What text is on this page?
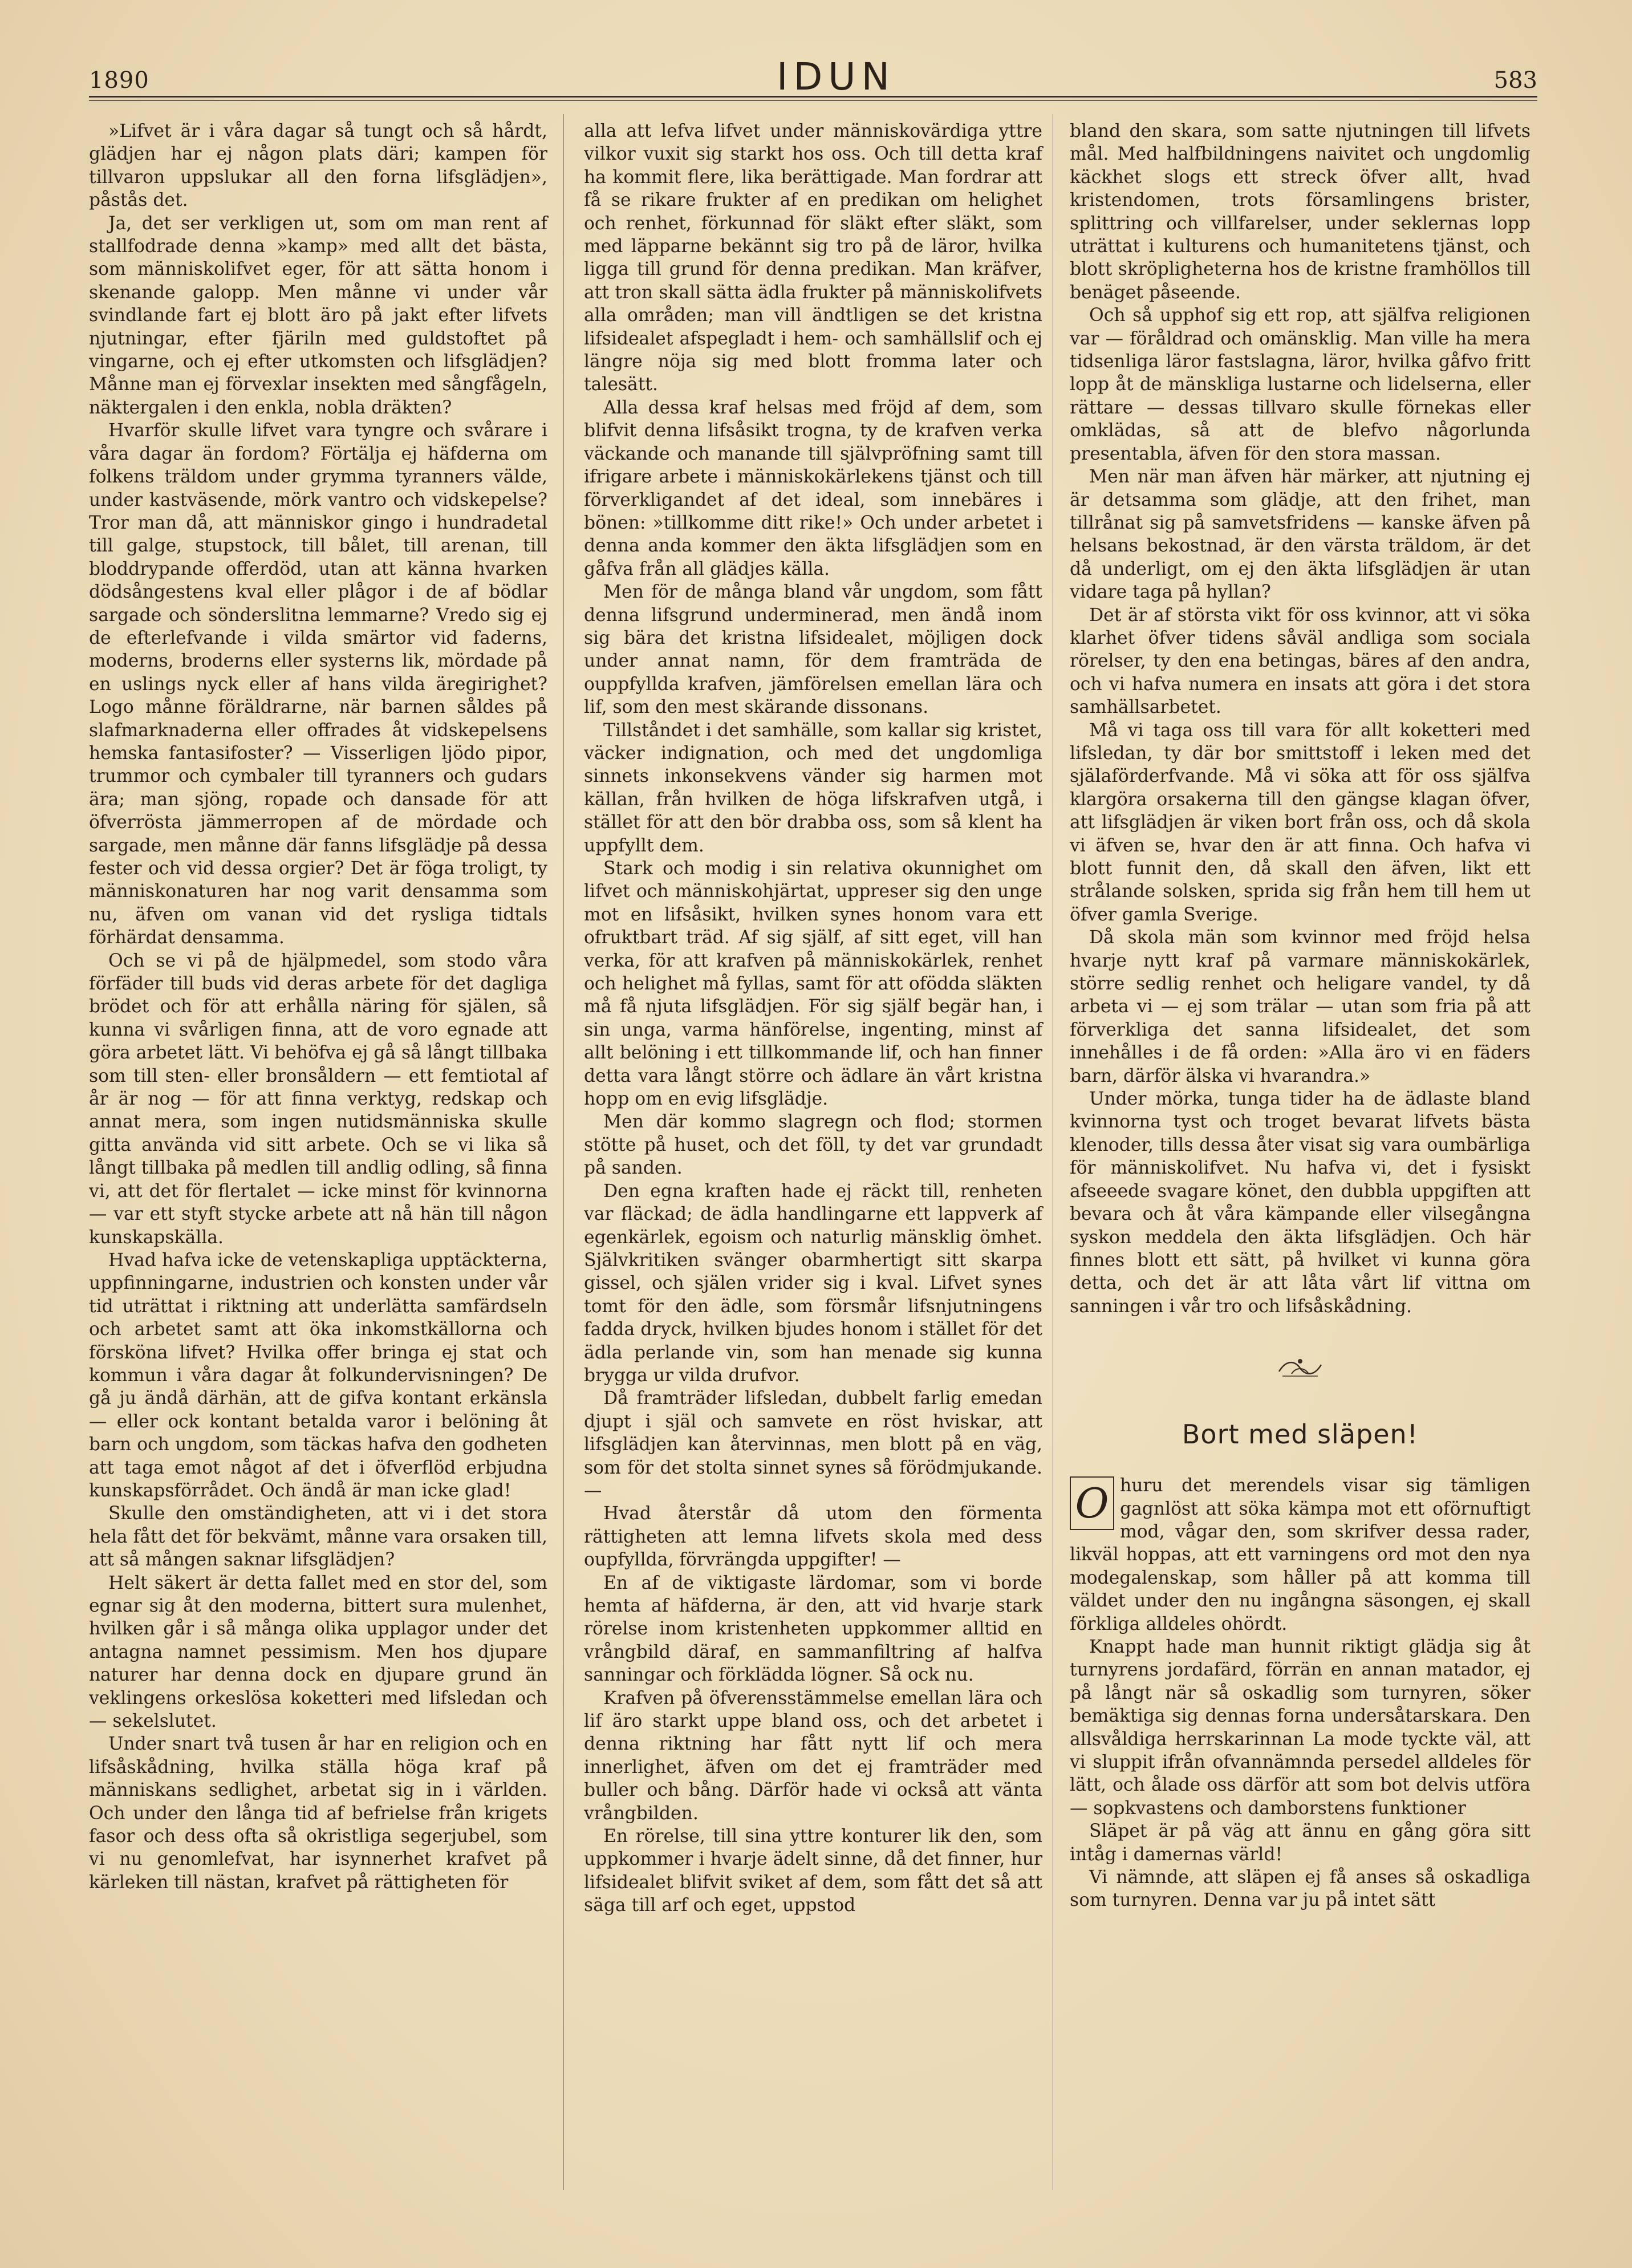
1890	IDUN	583

»Lifvet är i våra dagar så tungt och så hårdt, glädjen har ej någon plats däri; kampen för tillvaron uppslukar all den forna lifsglädjen», påstås det.

Ja, det ser verkligen ut, som om man rent af stallfodrade denna »kamp» med allt det bästa, som människolifvet eger, för att sätta honom i skenande galopp. Men månne vi under vår svindlande fart ej blott äro på jakt efter lifvets njutningar, efter fjäriln med guldstoftet på vingarne, och ej efter utkomsten och lifsglädjen? Månne man ej förvexlar insekten med sångfågeln, näktergalen i den enkla, nobla dräkten?

Hvarför skulle lifvet vara tyngre och svårare i våra dagar än fordom? Förtälja ej häfderna om folkens träldom under grymma tyranners välde, under kastväsende, mörk vantro och vidskepelse? Tror man då, att människor gingo i hundradetal till galge, stupstock, till bålet, till arenan, till bloddrypande offerdöd, utan att känna hvarken dödsångestens kval eller plågor i de af bödlar sargade och sönderslitna lemmarne? Vredo sig ej de efterlefvande i vilda smärtor vid faderns, moderns, broderns eller systerns lik, mördade på en uslings nyck eller af hans vilda äregirighet? Logo månne föräldrarne, när barnen såldes på slafmarknaderna eller offrades åt vidskepelsens hemska fantasifoster? — Visserligen ljödo pipor, trummor och cymbaler till tyranners och gudars ära; man sjöng, ropade och dansade för att öfverrösta jämmerropen af de mördade och sargade, men månne där fanns lifsglädje på dessa fester och vid dessa orgier? Det är föga troligt, ty människonaturen har nog varit densamma som nu, äfven om vanan vid det rysliga tidtals förhärdat densamma.

Och se vi på de hjälpmedel, som stodo våra förfäder till buds vid deras arbete för det dagliga brödet och för att erhålla näring för själen, så kunna vi svårligen finna, att de voro egnade att göra arbetet lätt. Vi behöfva ej gå så långt tillbaka som till sten- eller bronsåldern — ett femtiotal af år är nog — för att finna verktyg, redskap och annat mera, som ingen nutidsmänniska skulle gitta använda vid sitt arbete. Och se vi lika så långt tillbaka på medlen till andlig odling, så finna vi, att det för flertalet — icke minst för kvinnorna — var ett styft stycke arbete att nå hän till någon kunskapskälla.

Hvad hafva icke de vetenskapliga upptäckterna, uppfinningarne, industrien och konsten under vår tid uträttat i riktning att underlätta samfärdseln och arbetet samt att öka inkomstkällorna och försköna lifvet? Hvilka offer bringa ej stat och kommun i våra dagar åt folkundervisningen? De gå ju ändå därhän, att de gifva kontant erkänsla — eller ock kontant betalda varor i belöning åt barn och ungdom, som täckas hafva den godheten att taga emot något af det i öfverflöd erbjudna kunskapsförrådet. Och ändå är man icke glad!

Skulle den omständigheten, att vi i det stora hela fått det för bekvämt, månne vara orsaken till, att så mången saknar lifsglädjen?

Helt säkert är detta fallet med en stor del, som egnar sig åt den moderna, bittert sura mulenhet, hvilken går i så många olika upplagor under det antagna namnet pessimism. Men hos djupare naturer har denna dock en djupare grund än veklingens orkeslösa koketteri med lifsledan och — sekelslutet.

Under snart två tusen år har en religion och en lifsåskådning, hvilka ställa höga kraf på människans sedlighet, arbetat sig in i världen. Och under den långa tid af befrielse från krigets fasor och dess ofta så okristliga segerjubel, som vi nu genomlefvat, har isynnerhet krafvet på kärleken till nästan, krafvet på rättigheten för

alla att lefva lifvet under människovärdiga yttre vilkor vuxit sig starkt hos oss. Och till detta kraf ha kommit flere, lika berättigade. Man fordrar att få se rikare frukter af en predikan om helighet och renhet, förkunnad för släkt efter släkt, som med läpparne bekännt sig tro på de läror, hvilka ligga till grund för denna predikan. Man kräfver, att tron skall sätta ädla frukter på människolifvets alla områden; man vill ändtligen se det kristna lifsidealet afspegladt i hem- och samhällslif och ej längre nöja sig med blott fromma later och talesätt.

Alla dessa kraf helsas med fröjd af dem, som blifvit denna lifsåsikt trogna, ty de krafven verka väckande och manande till självpröfning samt till ifrigare arbete i människokärlekens tjänst och till förverkligandet af det ideal, som innebäres i bönen: »tillkomme ditt rike!» Och under arbetet i denna anda kommer den äkta lifsglädjen som en gåfva från all glädjes källa.

Men för de många bland vår ungdom, som fått denna lifsgrund underminerad, men ändå inom sig bära det kristna lifsidealet, möjligen dock under annat namn, för dem framträda de ouppfyllda krafven, jämförelsen emellan lära och lif, som den mest skärande dissonans.

Tillståndet i det samhälle, som kallar sig kristet, väcker indignation, och med det ungdomliga sinnets inkonsekvens vänder sig harmen mot källan, från hvilken de höga lifskrafven utgå, i stället för att den bör drabba oss, som så klent ha uppfyllt dem.

Stark och modig i sin relativa okunnighet om lifvet och människohjärtat, uppreser sig den unge mot en lifsåsikt, hvilken synes honom vara ett ofruktbart träd. Af sig själf, af sitt eget, vill han verka, för att krafven på människokärlek, renhet och helighet må fyllas, samt för att ofödda släkten må få njuta lifsglädjen. För sig själf begär han, i sin unga, varma hänförelse, ingenting, minst af allt belöning i ett tillkommande lif, och han finner detta vara långt större och ädlare än vårt kristna hopp om en evig lifsglädje.

Men där kommo slagregn och flod; stormen stötte på huset, och det föll, ty det var grundadt på sanden.

Den egna kraften hade ej räckt till, renheten var fläckad; de ädla handlingarne ett lappverk af egenkärlek, egoism och naturlig mänsklig ömhet. Självkritiken svänger obarmhertigt sitt skarpa gissel, och själen vrider sig i kval. Lifvet synes tomt för den ädle, som försmår lifsnjutningens fadda dryck, hvilken bjudes honom i stället för det ädla perlande vin, som han menade sig kunna brygga ur vilda drufvor.

Då framträder lifsledan, dubbelt farlig emedan djupt i själ och samvete en röst hviskar, att lifsglädjen kan återvinnas, men blott på en väg, som för det stolta sinnet synes så förödmjukande. —

Hvad återstår då utom den förmenta rättigheten att lemna lifvets skola med dess oupfyllda, förvrängda uppgifter! —

En af de viktigaste lärdomar, som vi borde hemta af häfderna, är den, att vid hvarje stark rörelse inom kristenheten uppkommer alltid en vrångbild däraf, en sammanfiltring af halfva sanningar och förklädda lögner. Så ock nu.

Krafven på öfverensstämmelse emellan lära och lif äro starkt uppe bland oss, och det arbetet i denna riktning har fått nytt lif och mera innerlighet, äfven om det ej framträder med buller och bång. Därför hade vi också att vänta vrångbilden.

En rörelse, till sina yttre konturer lik den, som uppkommer i hvarje ädelt sinne, då det finner, hur lifsidealet blifvit sviket af dem, som fått det så att säga till arf och eget, uppstod

bland den skara, som satte njutningen till lifvets mål. Med halfbildningens naivitet och ungdomlig käckhet slogs ett streck öfver allt, hvad kristendomen, trots församlingens brister, splittring och villfarelser, under seklernas lopp uträttat i kulturens och humanitetens tjänst, och blott skröpligheterna hos de kristne framhöllos till benäget påseende.

Och så upphof sig ett rop, att själfva religionen var — föråldrad och omänsklig. Man ville ha mera tidsenliga läror fastslagna, läror, hvilka gåfvo fritt lopp åt de mänskliga lustarne och lidelserna, eller rättare — dessas tillvaro skulle förnekas eller omklädas, så att de blefvo någorlunda presentabla, äfven för den stora massan.

Men när man äfven här märker, att njutning ej är detsamma som glädje, att den frihet, man tillrånat sig på samvetsfridens — kanske äfven på helsans bekostnad, är den värsta träldom, är det då underligt, om ej den äkta lifsglädjen är utan vidare taga på hyllan?

Det är af största vikt för oss kvinnor, att vi söka klarhet öfver tidens såväl andliga som sociala rörelser, ty den ena betingas, bäres af den andra, och vi hafva numera en insats att göra i det stora samhällsarbetet.

Må vi taga oss till vara för allt koketteri med lifsledan, ty där bor smittstoff i leken med det själaförderfvande. Må vi söka att för oss själfva klargöra orsakerna till den gängse klagan öfver, att lifsglädjen är viken bort från oss, och då skola vi äfven se, hvar den är att finna. Och hafva vi blott funnit den, då skall den äfven, likt ett strålande solsken, sprida sig från hem till hem ut öfver gamla Sverige.

Då skola män som kvinnor med fröjd helsa hvarje nytt kraf på varmare människokärlek, större sedlig renhet och heligare vandel, ty då arbeta vi — ej som trälar — utan som fria på att förverkliga det sanna lifsidealet, det som innehålles i de få orden: »Alla äro vi en fäders barn, därför älska vi hvarandra.»

Under mörka, tunga tider ha de ädlaste bland kvinnorna tyst och troget bevarat lifvets bästa klenoder, tills dessa åter visat sig vara oumbärliga för människolifvet. Nu hafva vi, det i fysiskt afseeede svagare könet, den dubbla uppgiften att bevara och åt våra kämpande eller vilsegångna syskon meddela den äkta lifsglädjen. Och här finnes blott ett sätt, på hvilket vi kunna göra detta, och det är att låta vårt lif vittna om sanningen i vår tro och lifsåskådning.

Bort med släpen!

O huru det merendels visar sig tämligen gagnlöst att söka kämpa mot ett oförnuftigt mod, vågar den, som skrifver dessa rader, likväl hoppas, att ett varningens ord mot den nya modegalenskap, som håller på att komma till väldet under den nu ingångna säsongen, ej skall förkliga alldeles ohördt.

Knappt hade man hunnit riktigt glädja sig åt turnyrens jordafärd, förrän en annan matador, ej på långt när så oskadlig som turnyren, söker bemäktiga sig dennas forna undersåtarskara. Den allsvåldiga herrskarinnan La mode tyckte väl, att vi sluppit ifrån ofvannämnda persedel alldeles för lätt, och ålade oss därför att som bot delvis utföra — sopkvastens och damborstens funktioner

Släpet är på väg att ännu en gång göra sitt intåg i damernas värld!

Vi nämnde, att släpen ej få anses så oskadliga som turnyren. Denna var ju på intet sätt
